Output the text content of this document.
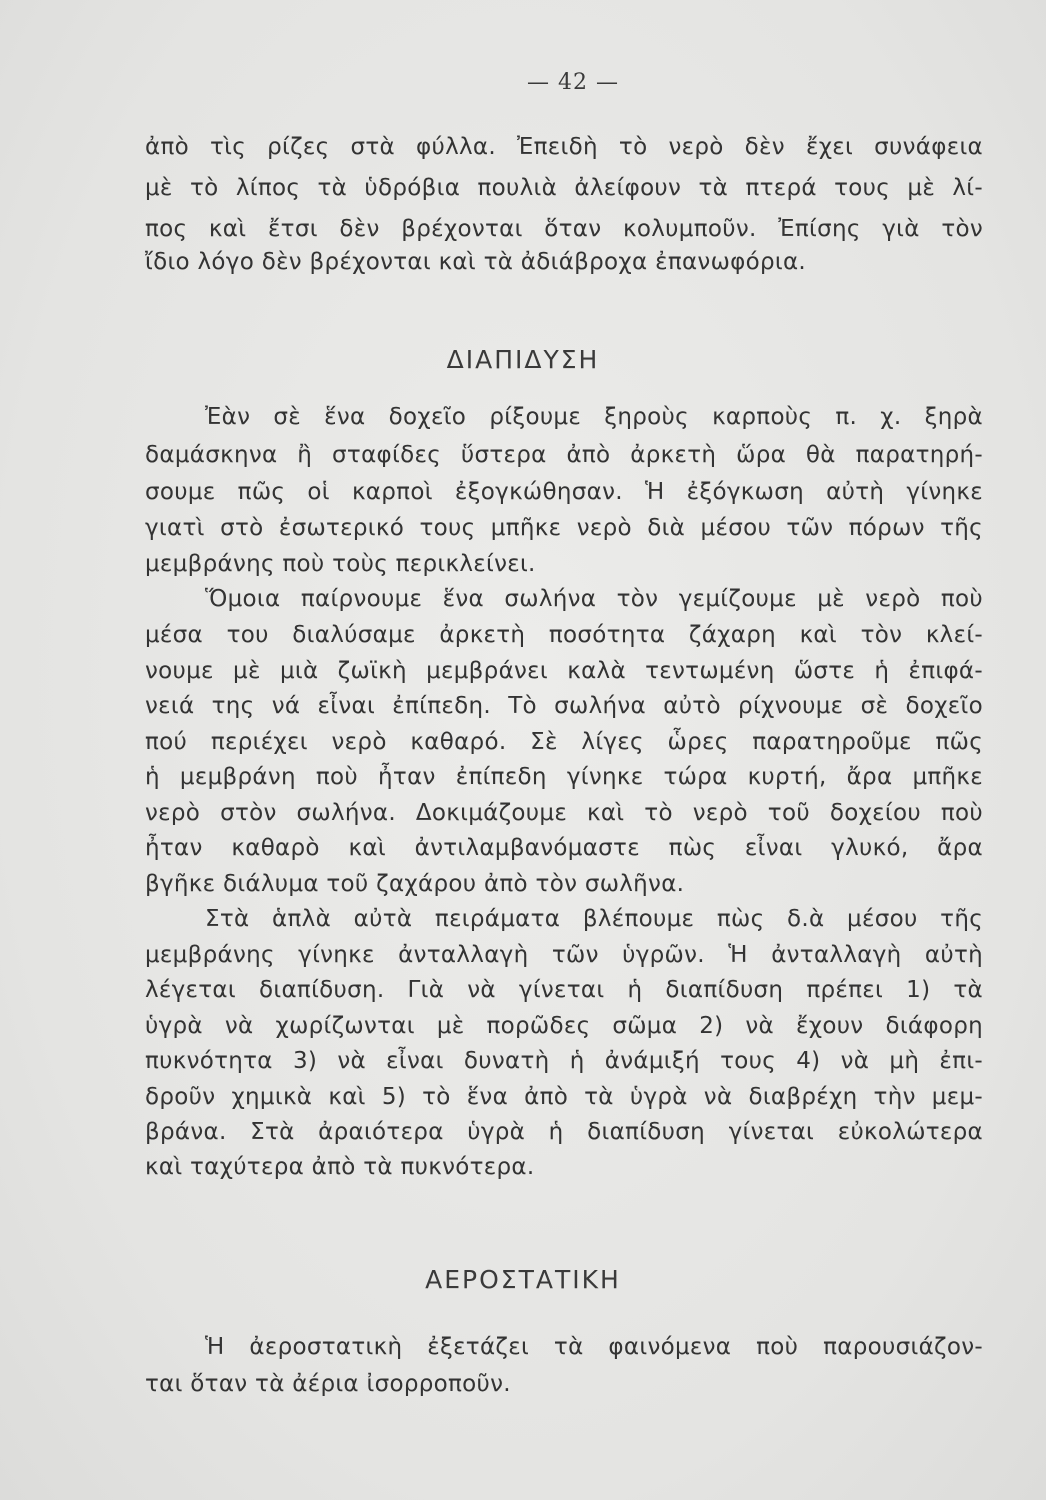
— 42 —
ἀπὸ τὶς ρίζες στὰ φύλλα. Ἐπειδὴ τὸ νερὸ δὲν ἔχει συνάφεια
μὲ τὸ λίπος τὰ ὑδρόβια πουλιὰ ἀλείφουν τὰ πτερά τους μὲ λί-
πος καὶ ἔτσι δὲν βρέχονται ὅταν κολυμποῦν. Ἐπίσης γιὰ τὸν
ἴδιο λόγο δὲν βρέχονται καὶ τὰ ἀδιάβροχα ἐπανωφόρια.
ΔΙΑΠΙΔΥΣΗ
Ἐὰν σὲ ἕνα δοχεῖο ρίξουμε ξηροὺς καρποὺς π. χ. ξηρὰ
δαμάσκηνα ἢ σταφίδες ὕστερα ἀπὸ ἀρκετὴ ὥρα θὰ παρατηρή-
σουμε πῶς οἱ καρποὶ ἐξογκώθησαν. Ἡ ἐξόγκωση αὐτὴ γίνηκε
γιατὶ στὸ ἐσωτερικό τους μπῆκε νερὸ διὰ μέσου τῶν πόρων τῆς
μεμβράνης ποὺ τοὺς περικλείνει.
Ὅμοια παίρνουμε ἕνα σωλήνα τὸν γεμίζουμε μὲ νερὸ ποὺ
μέσα του διαλύσαμε ἀρκετὴ ποσότητα ζάχαρη καὶ τὸν κλεί-
νουμε μὲ μιὰ ζωϊκὴ μεμβράνει καλὰ τεντωμένη ὥστε ἡ ἐπιφά-
νειά της νά εἶναι ἐπίπεδη. Τὸ σωλήνα αὐτὸ ρίχνουμε σὲ δοχεῖο
πού περιέχει νερὸ καθαρό. Σὲ λίγες ὧρες παρατηροῦμε πῶς
ἡ μεμβράνη ποὺ ἦταν ἐπίπεδη γίνηκε τώρα κυρτή, ἄρα μπῆκε
νερὸ στὸν σωλήνα. Δοκιμάζουμε καὶ τὸ νερὸ τοῦ δοχείου ποὺ
ἦταν καθαρὸ καὶ ἀντιλαμβανόμαστε πὼς εἶναι γλυκό, ἄρα
βγῆκε διάλυμα τοῦ ζαχάρου ἀπὸ τὸν σωλῆνα.
Στὰ ἁπλὰ αὐτὰ πειράματα βλέπουμε πὼς δ.ὰ μέσου τῆς
μεμβράνης γίνηκε ἀνταλλαγὴ τῶν ὑγρῶν. Ἡ ἀνταλλαγὴ αὐτὴ
λέγεται διαπίδυση. Γιὰ νὰ γίνεται ἡ διαπίδυση πρέπει 1) τὰ
ὑγρὰ νὰ χωρίζωνται μὲ πορῶδες σῶμα 2) νὰ ἔχουν διάφορη
πυκνότητα 3) νὰ εἶναι δυνατὴ ἡ ἀνάμιξή τους 4) νὰ μὴ ἐπι-
δροῦν χημικὰ καὶ 5) τὸ ἕνα ἀπὸ τὰ ὑγρὰ νὰ διαβρέχη τὴν μεμ-
βράνα. Στὰ ἀραιότερα ὑγρὰ ἡ διαπίδυση γίνεται εὐκολώτερα
καὶ ταχύτερα ἀπὸ τὰ πυκνότερα.
ΑΕΡΟΣΤΑΤΙΚΗ
Ἡ ἀεροστατικὴ ἐξετάζει τὰ φαινόμενα ποὺ παρουσιάζον-
ται ὅταν τὰ ἀέρια ἰσορροποῦν.
